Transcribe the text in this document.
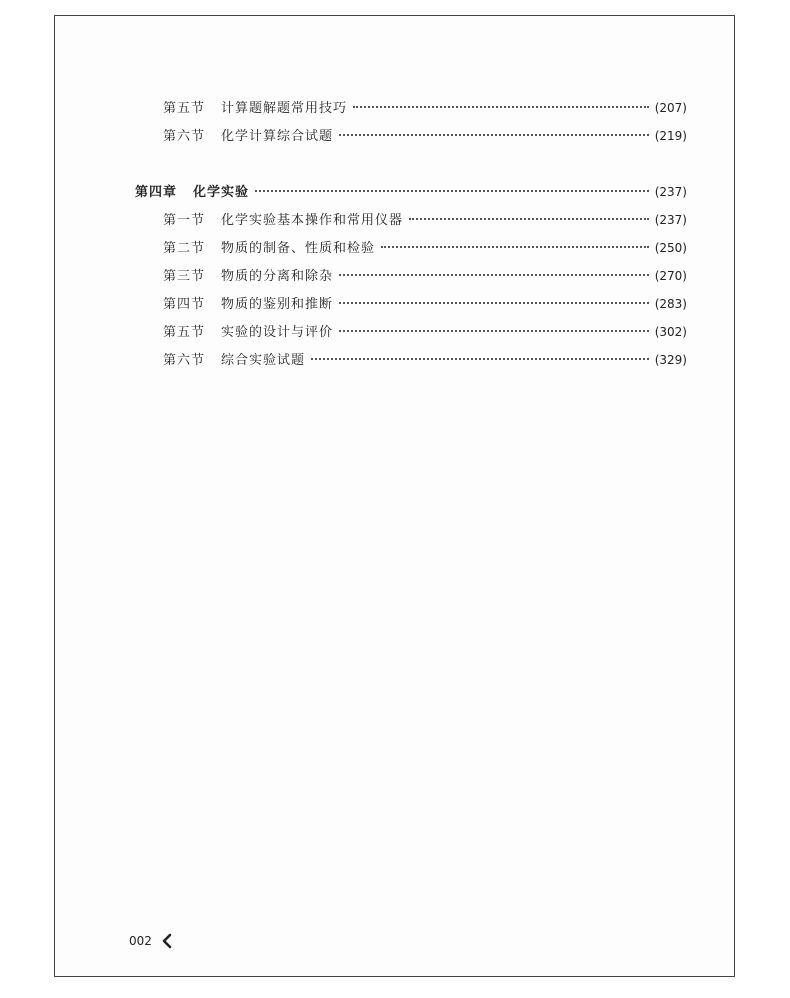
第五节 计算题解题常用技巧	(207)
第六节 化学计算综合试题	(219)
第四章 化学实验	(237)
第一节 化学实验基本操作和常用仪器	(237)
第二节 物质的制备、性质和检验	(250)
第三节 物质的分离和除杂	(270)
第四节 物质的鉴别和推断	(283)
第五节 实验的设计与评价	(302)
第六节 综合实验试题	(329)
002
